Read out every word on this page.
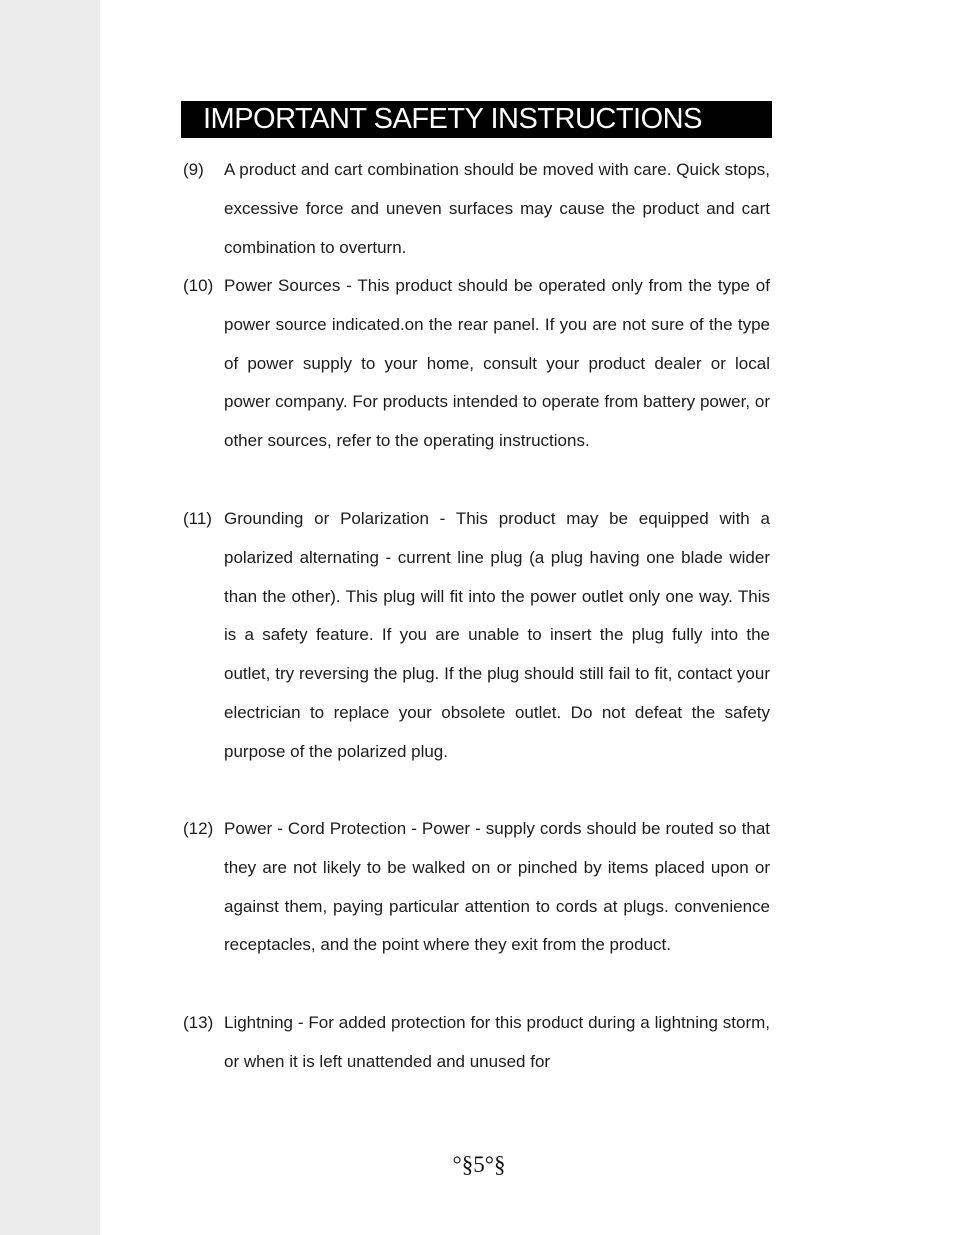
IMPORTANT SAFETY INSTRUCTIONS
(9) A product and cart combination should be moved with care. Quick stops, excessive force and uneven surfaces may cause the product and cart combination to overturn.
(10) Power Sources - This product should be operated only from the type of power source indicated.on the rear panel. If you are not sure of the type of power supply to your home, consult your product dealer or local power company. For products intended to operate from battery power, or other sources, refer to the operating instructions.
(11) Grounding or Polarization - This product may be equipped with a polarized alternating - current line plug (a plug having one blade wider than the other). This plug will fit into the power outlet only one way. This is a safety feature. If you are unable to insert the plug fully into the outlet, try reversing the plug. If the plug should still fail to fit, contact your electrician to replace your obsolete outlet. Do not defeat the safety purpose of the polarized plug.
(12) Power - Cord Protection - Power - supply cords should be routed so that they are not likely to be walked on or pinched by items placed upon or against them, paying particular attention to cords at plugs. convenience receptacles, and the point where they exit from the product.
(13) Lightning - For added protection for this product during a lightning storm, or when it is left unattended and unused for
°§5°§
